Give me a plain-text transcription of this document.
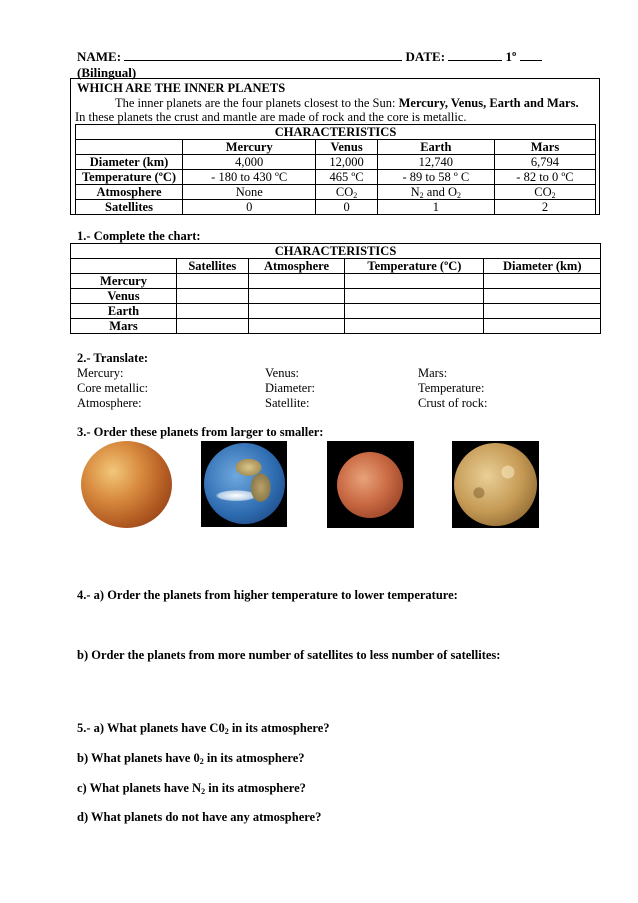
NAME:	DATE:	1º  (Bilingual)
WHICH ARE THE INNER PLANETS
The inner planets are the four planets closest to the Sun: Mercury, Venus, Earth and Mars.
In these planets the crust and mantle are made of rock and the core is metallic.
CHARACTERISTICS				
	Mercury	Venus	Earth	Mars
Diameter (km)	4,000	12,000	12,740	6,794
Temperature (ºC)	- 180 to 430 ºC	465 ºC	- 89 to 58 º C	- 82 to 0 ºC
Atmosphere	None	$CO_2$	$N_2$ and $O_2$	$CO_2$
Satellites	0	0	1	2
1.- Complete the chart:
CHARACTERISTICS				
	Satellites	Atmosphere	Temperature (ºC)	Diameter (km)
Mercury				
Venus				
Earth				
Mars				
2.- Translate:
Mercury:	Venus:	Mars:
Core metallic:	Diameter:	Temperature:
Atmosphere:	Satellite:	Crust of rock:
3.- Order these planets from larger to smaller:
4.- a) Order the planets from higher temperature to lower temperature:
b) Order the planets from more number of satellites to less number of satellites:
5.- a) What planets have $C0_2$ in its atmosphere?
b) What planets have $0_2$ in its atmosphere?
c) What planets have $N_2$ in its atmosphere?
d) What planets do not have any atmosphere?
